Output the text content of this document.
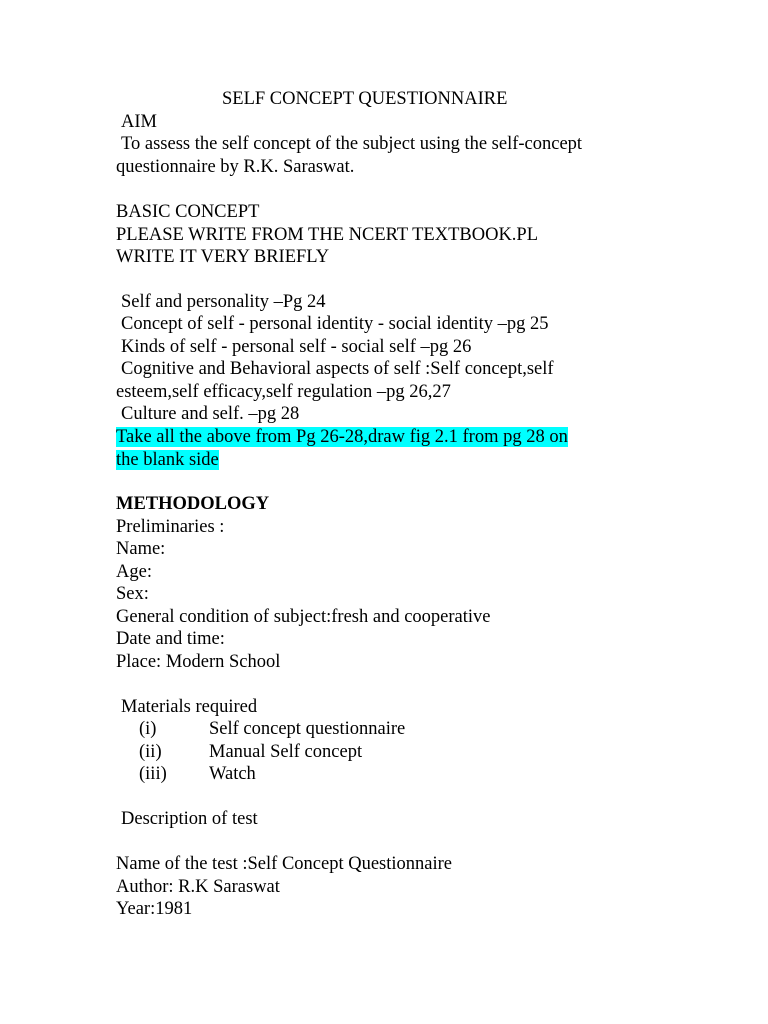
SELF CONCEPT QUESTIONNAIRE
AIM
To assess the self concept of the subject using the self-concept
questionnaire by R.K. Saraswat.
BASIC CONCEPT
PLEASE WRITE FROM THE NCERT TEXTBOOK.PL
WRITE IT VERY BRIEFLY
Self and personality –Pg 24
Concept of self - personal identity - social identity –pg 25
Kinds of self - personal self - social self –pg 26
Cognitive and Behavioral aspects of self :Self concept,self
esteem,self efficacy,self regulation –pg 26,27
Culture and self. –pg 28
Take all the above from Pg 26-28,draw fig 2.1 from pg 28 on
the blank side
METHODOLOGY
Preliminaries :
Name:
Age:
Sex:
General condition of subject:fresh and cooperative
Date and time:
Place: Modern School
Materials required
(i)	Self concept questionnaire
(ii)	Manual Self concept
(iii) Watch
Description of test
Name of the test :Self Concept Questionnaire
Author: R.K Saraswat
Year:1981
